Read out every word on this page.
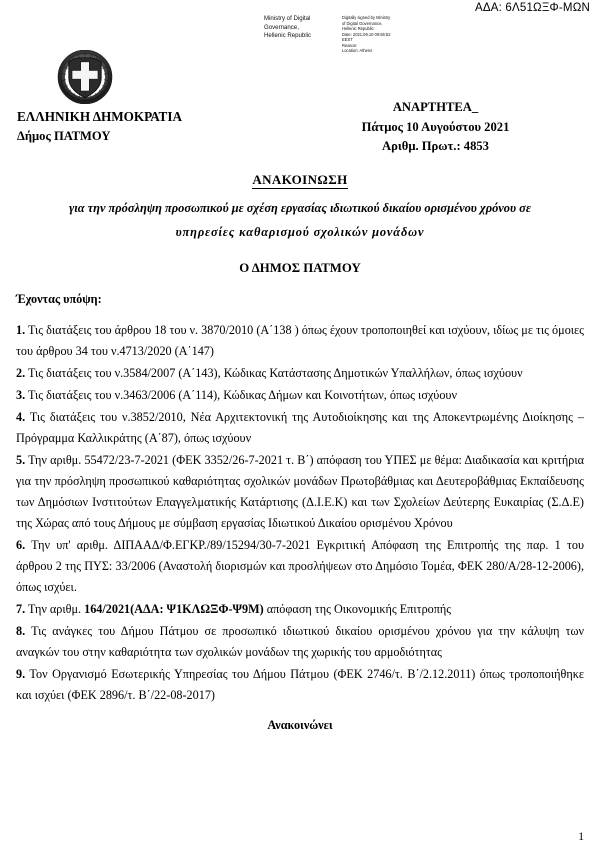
ΑΔΑ: 6Λ51ΩΞΦ-ΜΩΝ
Ministry of Digital
Governance,
Hellenic Republic
Digitally signed by Ministry
of Digital Governance,
Hellenic Republic
Date: 2021.09.10 09:56:52
EEST
Reason:
Location: Athens
ΕΛΛΗΝΙΚΗ ΔΗΜΟΚΡΑΤΙΑ
Δήμος ΠΑΤΜΟΥ
ΑΝΑΡΤΗΤΕΑ_
Πάτμος 10 Αυγούστου 2021
Αριθμ. Πρωτ.: 4853
ΑΝΑΚΟΙΝΩΣΗ
για την πρόσληψη προσωπικού με σχέση εργασίας ιδιωτικού δικαίου ορισμένου χρόνου σε
υπηρεσίες καθαρισμού σχολικών μονάδων
Ο ΔΗΜΟΣ ΠΑΤΜΟΥ
Έχοντας υπόψη:
1. Τις διατάξεις του άρθρου 18 του ν. 3870/2010 (Α΄138 ) όπως έχουν τροποποιηθεί και ισχύουν, ιδίως με τις όμοιες του άρθρου 34 του ν.4713/2020 (Α΄147)
2. Τις διατάξεις του ν.3584/2007 (Α΄143), Κώδικας Κατάστασης Δημοτικών Υπαλλήλων, όπως ισχύουν
3. Τις διατάξεις του ν.3463/2006 (Α΄114), Κώδικας Δήμων και Κοινοτήτων, όπως ισχύουν
4. Τις διατάξεις του ν.3852/2010, Νέα Αρχιτεκτονική της Αυτοδιοίκησης και της Αποκεντρωμένης Διοίκησης – Πρόγραμμα Καλλικράτης (Α΄87), όπως ισχύουν
5. Την αριθμ. 55472/23-7-2021 (ΦΕΚ 3352/26-7-2021 τ. Β΄) απόφαση του ΥΠΕΣ με θέμα: Διαδικασία και κριτήρια για την πρόσληψη προσωπικού καθαριότητας σχολικών μονάδων Πρωτοβάθμιας και Δευτεροβάθμιας Εκπαίδευσης των Δημόσιων Ινστιτούτων Επαγγελματικής Κατάρτισης (Δ.Ι.Ε.Κ) και των Σχολείων Δεύτερης Ευκαιρίας (Σ.Δ.Ε) της Χώρας από τους Δήμους με σύμβαση εργασίας Ιδιωτικού Δικαίου ορισμένου Χρόνου
6. Την υπ' αριθμ. ΔΙΠΑΑΔ/Φ.ΕΓΚΡ./89/15294/30-7-2021 Εγκριτική Απόφαση της Επιτροπής της παρ. 1 του άρθρου 2 της ΠΥΣ: 33/2006 (Αναστολή διορισμών και προσλήψεων στο Δημόσιο Τομέα, ΦΕΚ 280/Α/28-12-2006), όπως ισχύει.
7. Την αριθμ. 164/2021(ΑΔΑ: Ψ1ΚΛΩΞΦ-Ψ9Μ) απόφαση της Οικονομικής Επιτροπής
8. Τις ανάγκες του Δήμου Πάτμου σε προσωπικό ιδιωτικού δικαίου ορισμένου χρόνου για την κάλυψη των αναγκών του στην καθαριότητα των σχολικών μονάδων της χωρικής του αρμοδιότητας
9. Τον Οργανισμό Εσωτερικής Υπηρεσίας του Δήμου Πάτμου (ΦΕΚ 2746/τ. Β΄/2.12.2011) όπως τροποποιήθηκε και ισχύει (ΦΕΚ 2896/τ. Β΄/22-08-2017)
Ανακοινώνει
1
